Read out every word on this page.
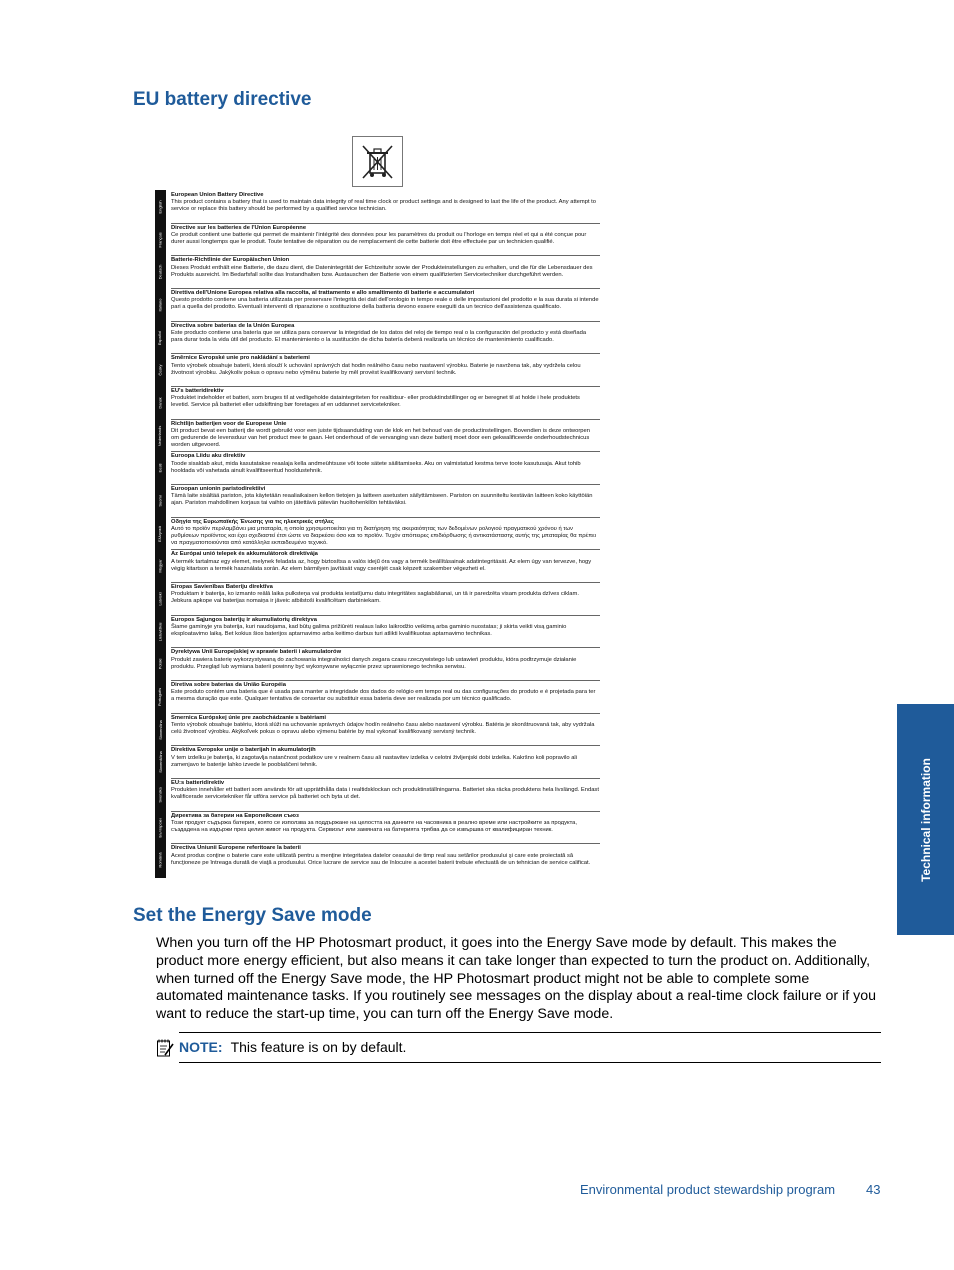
EU battery directive
English
Français
Deutsch
Italiano
Español
Česky
Dansk
Nederlands
Eesti
Suomi
Ελληνικά
Magyar
Latviski
Lietuviškai
Polski
Português
Slovenčina
Slovenščina
Svenska
Български
Română
European Union Battery Directive
This product contains a battery that is used to maintain data integrity of real time clock or product settings and is designed to last the life of the product. Any attempt to service or replace this battery should be performed by a qualified service technician.
Directive sur les batteries de l'Union Européenne
Ce produit contient une batterie qui permet de maintenir l'intégrité des données pour les paramètres du produit ou l'horloge en temps réel et qui a été conçue pour durer aussi longtemps que le produit. Toute tentative de réparation ou de remplacement de cette batterie doit être effectuée par un technicien qualifié.
Batterie-Richtlinie der Europäischen Union
Dieses Produkt enthält eine Batterie, die dazu dient, die Datenintegrität der Echtzeituhr sowie der Produkteinstellungen zu erhalten, und die für die Lebensdauer des Produkts ausreicht. Im Bedarfsfall sollte das Instandhalten bzw. Austauschen der Batterie von einem qualifizierten Servicetechniker durchgeführt werden.
Direttiva dell'Unione Europea relativa alla raccolta, al trattamento e allo smaltimento di batterie e accumulatori
Questo prodotto contiene una batteria utilizzata per preservare l'integrità dei dati dell'orologio in tempo reale o delle impostazioni del prodotto e la sua durata si intende pari a quella del prodotto. Eventuali interventi di riparazione o sostituzione della batteria devono essere eseguiti da un tecnico dell'assistenza qualificato.
Directiva sobre baterías de la Unión Europea
Este producto contiene una batería que se utiliza para conservar la integridad de los datos del reloj de tiempo real o la configuración del producto y está diseñada para durar toda la vida útil del producto. El mantenimiento o la sustitución de dicha batería deberá realizarla un técnico de mantenimiento cualificado.
Směrnice Evropské unie pro nakládání s bateriemi
Tento výrobek obsahuje baterii, která slouží k uchování správných dat hodin reálného času nebo nastavení výrobku. Baterie je navržena tak, aby vydržela celou životnost výrobku. Jakýkoliv pokus o opravu nebo výměnu baterie by měl provést kvalifikovaný servisní technik.
EU's batteridirektiv
Produktet indeholder et batteri, som bruges til at vedligeholde dataintegriteten for realtidsur- eller produktindstillinger og er beregnet til at holde i hele produktets levetid. Service på batteriet eller udskiftning bør foretages af en uddannet servicetekniker.
Richtlijn batterijen voor de Europese Unie
Dit product bevat een batterij die wordt gebruikt voor een juiste tijdsaanduiding van de klok en het behoud van de productinstellingen. Bovendien is deze ontworpen om gedurende de levensduur van het product mee te gaan. Het onderhoud of de vervanging van deze batterij moet door een gekwalificeerde onderhoudstechnicus worden uitgevoerd.
Euroopa Liidu aku direktiiv
Toode sisaldab akut, mida kasutatakse reaalaja kella andmeühtsuse või toote sätete säilitamiseks. Aku on valmistatud kestma terve toote kasutusaja. Akut tohib hooldada või vahetada ainult kvalifitseeritud hooldustehnik.
Euroopan unionin paristodirektiivi
Tämä laite sisältää pariston, jota käytetään reaaliaikaisen kellon tietojen ja laitteen asetusten säilyttämiseen. Pariston on suunniteltu kestävän laitteen koko käyttöiän ajan. Pariston mahdollinen korjaus tai vaihto on jätettävä pätevän huoltohenkilön tehtäväksi.
Οδηγία της Ευρωπαϊκής Ένωσης για τις ηλεκτρικές στήλες
Αυτό το προϊόν περιλαμβάνει μια μπαταρία, η οποία χρησιμοποιείται για τη διατήρηση της ακεραιότητας των δεδομένων ρολογιού πραγματικού χρόνου ή των ρυθμίσεων προϊόντος και έχει σχεδιαστεί έτσι ώστε να διαρκέσει όσο και το προϊόν. Τυχόν απόπειρες επιδιόρθωσης ή αντικατάστασης αυτής της μπαταρίας θα πρέπει να πραγματοποιούνται από κατάλληλα εκπαιδευμένο τεχνικό.
Az Európai unió telepek és akkumulátorok direktívája
A termék tartalmaz egy elemet, melynek feladata az, hogy biztosítsa a valós idejű óra vagy a termék beállításainak adatintegritását. Az elem úgy van tervezve, hogy végig kitartson a termék használata során. Az elem bármilyen javítását vagy cseréjét csak képzett szakember végezheti el.
Eiropas Savienības Bateriju direktīva
Produktam ir baterija, ko izmanto reālā laika pulksteņa vai produkta iestatījumu datu integritātes saglabāšanai, un tā ir paredzēta visam produkta dzīves ciklam. Jebkura apkope vai baterijas nomaiņa ir jāveic atbilstoši kvalificētam darbiniekam.
Europos Sąjungos baterijų ir akumuliatorių direktyva
Šiame gaminyje yra baterija, kuri naudojama, kad būtų galima prižiūrėti realaus laiko laikrodžio veikimą arba gaminio nuostatas; ji skirta veikti visą gaminio eksploatavimo laiką. Bet kokius šios baterijos aptarnavimo arba keitimo darbus turi atlikti kvalifikuotas aptarnavimo technikas.
Dyrektywa Unii Europejskiej w sprawie baterii i akumulatorów
Produkt zawiera baterię wykorzystywaną do zachowania integralności danych zegara czasu rzeczywistego lub ustawień produktu, która podtrzymuje działanie produktu. Przegląd lub wymiana baterii powinny być wykonywane wyłącznie przez uprawnionego technika serwisu.
Diretiva sobre baterias da União Européia
Este produto contém uma bateria que é usada para manter a integridade dos dados do relógio em tempo real ou das configurações do produto e é projetada para ter a mesma duração que este. Qualquer tentativa de consertar ou substituir essa bateria deve ser realizada por um técnico qualificado.
Smernica Európskej únie pre zaobchádzanie s batériami
Tento výrobok obsahuje batériu, ktorá slúži na uchovanie správnych údajov hodín reálneho času alebo nastavení výrobku. Batéria je skonštruovaná tak, aby vydržala celú životnosť výrobku. Akýkoľvek pokus o opravu alebo výmenu batérie by mal vykonať kvalifikovaný servisný technik.
Direktiva Evropske unije o baterijah in akumulatorjih
V tem izdelku je baterija, ki zagotavlja natančnost podatkov ure v realnem času ali nastavitev izdelka v celotni življenjski dobi izdelka. Kakršno koli popravilo ali zamenjavo te baterije lahko izvede le pooblaščeni tehnik.
EU:s batteridirektiv
Produkten innehåller ett batteri som används för att upprätthålla data i realtidsklockan och produktinställningarna. Batteriet ska räcka produktens hela livslängd. Endast kvalificerade servicetekniker får utföra service på batteriet och byta ut det.
Директива за батерии на Европейския съюз
Този продукт съдържа батерия, която се използва за поддържане на целостта на данните на часовника в реално време или настройките за продукта, създадена на издържи през целия живот на продукта. Сервизът или замяната на батерията трябва да се извършва от квалифициран техник.
Directiva Uniunii Europene referitoare la baterii
Acest produs conţine o baterie care este utilizată pentru a menţine integritatea datelor ceasului de timp real sau setărilor produsului şi care este proiectată să funcţioneze pe întreaga durată de viaţă a produsului. Orice lucrare de service sau de înlocuire a acestei baterii trebuie efectuată de un tehnician de service calificat.	Technical information
Set the Energy Save mode

When you turn off the HP Photosmart product, it goes into the Energy Save mode by default. This makes the product more energy efficient, but also means it can take longer than expected to turn the product on. Additionally, when turned off the Energy Save mode, the HP Photosmart product might not be able to complete some automated maintenance tasks. If you routinely see messages on the display about a real-time clock failure or if you want to reduce the start-up time, you can turn off the Energy Save mode.

NOTE: This feature is on by default.
Environmental product stewardship program 43
